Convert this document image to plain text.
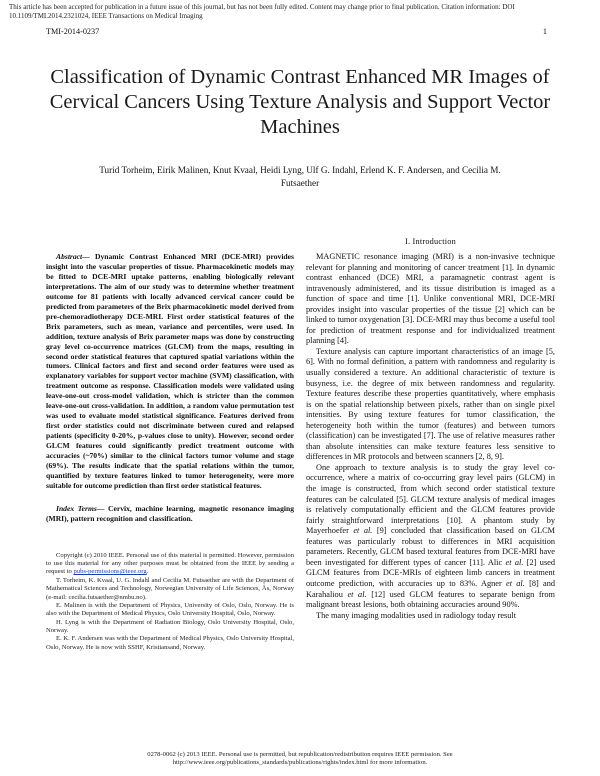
This article has been accepted for publication in a future issue of this journal, but has not been fully edited. Content may change prior to final publication. Citation information: DOI 10.1109/TMI.2014.2321024, IEEE Transactions on Medical Imaging
TMI-2014-0237	1
Classification of Dynamic Contrast Enhanced MR Images of Cervical Cancers Using Texture Analysis and Support Vector Machines
Turid Torheim, Eirik Malinen, Knut Kvaal, Heidi Lyng, Ulf G. Indahl, Erlend K. F. Andersen, and Cecilia M. Futsaether

Abstract— Dynamic Contrast Enhanced MRI (DCE-MRI) provides insight into the vascular properties of tissue. Pharmacokinetic models may be fitted to DCE-MRI uptake patterns, enabling biologically relevant interpretations. The aim of our study was to determine whether treatment outcome for 81 patients with locally advanced cervical cancer could be predicted from parameters of the Brix pharmacokinetic model derived from pre-chemoradiotherapy DCE-MRI. First order statistical features of the Brix parameters, such as mean, variance and percentiles, were used. In addition, texture analysis of Brix parameter maps was done by constructing gray level co-occurrence matrices (GLCM) from the maps, resulting in second order statistical features that captured spatial variations within the tumors. Clinical factors and first and second order features were used as explanatory variables for support vector machine (SVM) classification, with treatment outcome as response. Classification models were validated using leave-one-out cross-model validation, which is stricter than the common leave-one-out cross-validation. In addition, a random value permutation test was used to evaluate model statistical significance. Features derived from first order statistics could not discriminate between cured and relapsed patients (specificity 0-20%, p-values close to unity). However, second order GLCM features could significantly predict treatment outcome with accuracies (~70%) similar to the clinical factors tumor volume and stage (69%). The results indicate that the spatial relations within the tumor, quantified by texture features linked to tumor heterogeneity, were more suitable for outcome prediction than first order statistical features.

Index Terms— Cervix, machine learning, magnetic resonance imaging (MRI), pattern recognition and classification.

Copyright (c) 2010 IEEE. Personal use of this material is permitted. However, permission to use this material for any other purposes must be obtained from the IEEE by sending a request to pubs-permissions@ieee.org.

T. Torheim, K. Kvaal, U. G. Indahl and Cecilia M. Futsaether are with the Department of Mathematical Sciences and Technology, Norwegian University of Life Sciences, Ås, Norway (e-mail: cecilia.futsaether@nmbu.no).

E. Malinen is with the Department of Physics, University of Oslo, Oslo, Norway. He is also with the Department of Medical Physics, Oslo University Hospital, Oslo, Norway.

H. Lyng is with the Department of Radiation Biology, Oslo University Hospital, Oslo, Norway.

E. K. F. Andersen was with the Department of Medical Physics, Oslo University Hospital, Oslo, Norway. He is now with SSHF, Kristiansand, Norway.

I. Introduction

MAGNETIC resonance imaging (MRI) is a non-invasive technique relevant for planning and monitoring of cancer treatment [1]. In dynamic contrast enhanced (DCE) MRI, a paramagnetic contrast agent is intravenously administered, and its tissue distribution is imaged as a function of space and time [1]. Unlike conventional MRI, DCE-MRI provides insight into vascular properties of the tissue [2] which can be linked to tumor oxygenation [3]. DCE-MRI may thus become a useful tool for prediction of treatment response and for individualized treatment planning [4].

Texture analysis can capture important characteristics of an image [5, 6]. With no formal definition, a pattern with randomness and regularity is usually considered a texture. An additional characteristic of texture is busyness, i.e. the degree of mix between randomness and regularity. Texture features describe these properties quantitatively, where emphasis is on the spatial relationship between pixels, rather than on single pixel intensities. By using texture features for tumor classification, the heterogeneity both within the tumor (features) and between tumors (classification) can be investigated [7]. The use of relative measures rather than absolute intensities can make texture features less sensitive to differences in MR protocols and between scanners [2, 8, 9].

One approach to texture analysis is to study the gray level co-occurrence, where a matrix of co-occurring gray level pairs (GLCM) in the image is constructed, from which second order statistical texture features can be calculated [5]. GLCM texture analysis of medical images is relatively computationally efficient and the GLCM features provide fairly straightforward interpretations [10]. A phantom study by Mayerhoefer et al. [9] concluded that classification based on GLCM features was particularly robust to differences in MRI acquisition parameters. Recently, GLCM based textural features from DCE-MRI have been investigated for different types of cancer [11]. Alic et al. [2] used GLCM features from DCE-MRIs of eighteen limb cancers in treatment outcome prediction, with accuracies up to 83%. Agner et al. [8] and Karahaliou et al. [12] used GLCM features to separate benign from malignant breast lesions, both obtaining accuracies around 90%.

The many imaging modalities used in radiology today result

0278-0062 (c) 2013 IEEE. Personal use is permitted, but republication/redistribution requires IEEE permission. See
http://www.ieee.org/publications_standards/publications/rights/index.html for more information.
